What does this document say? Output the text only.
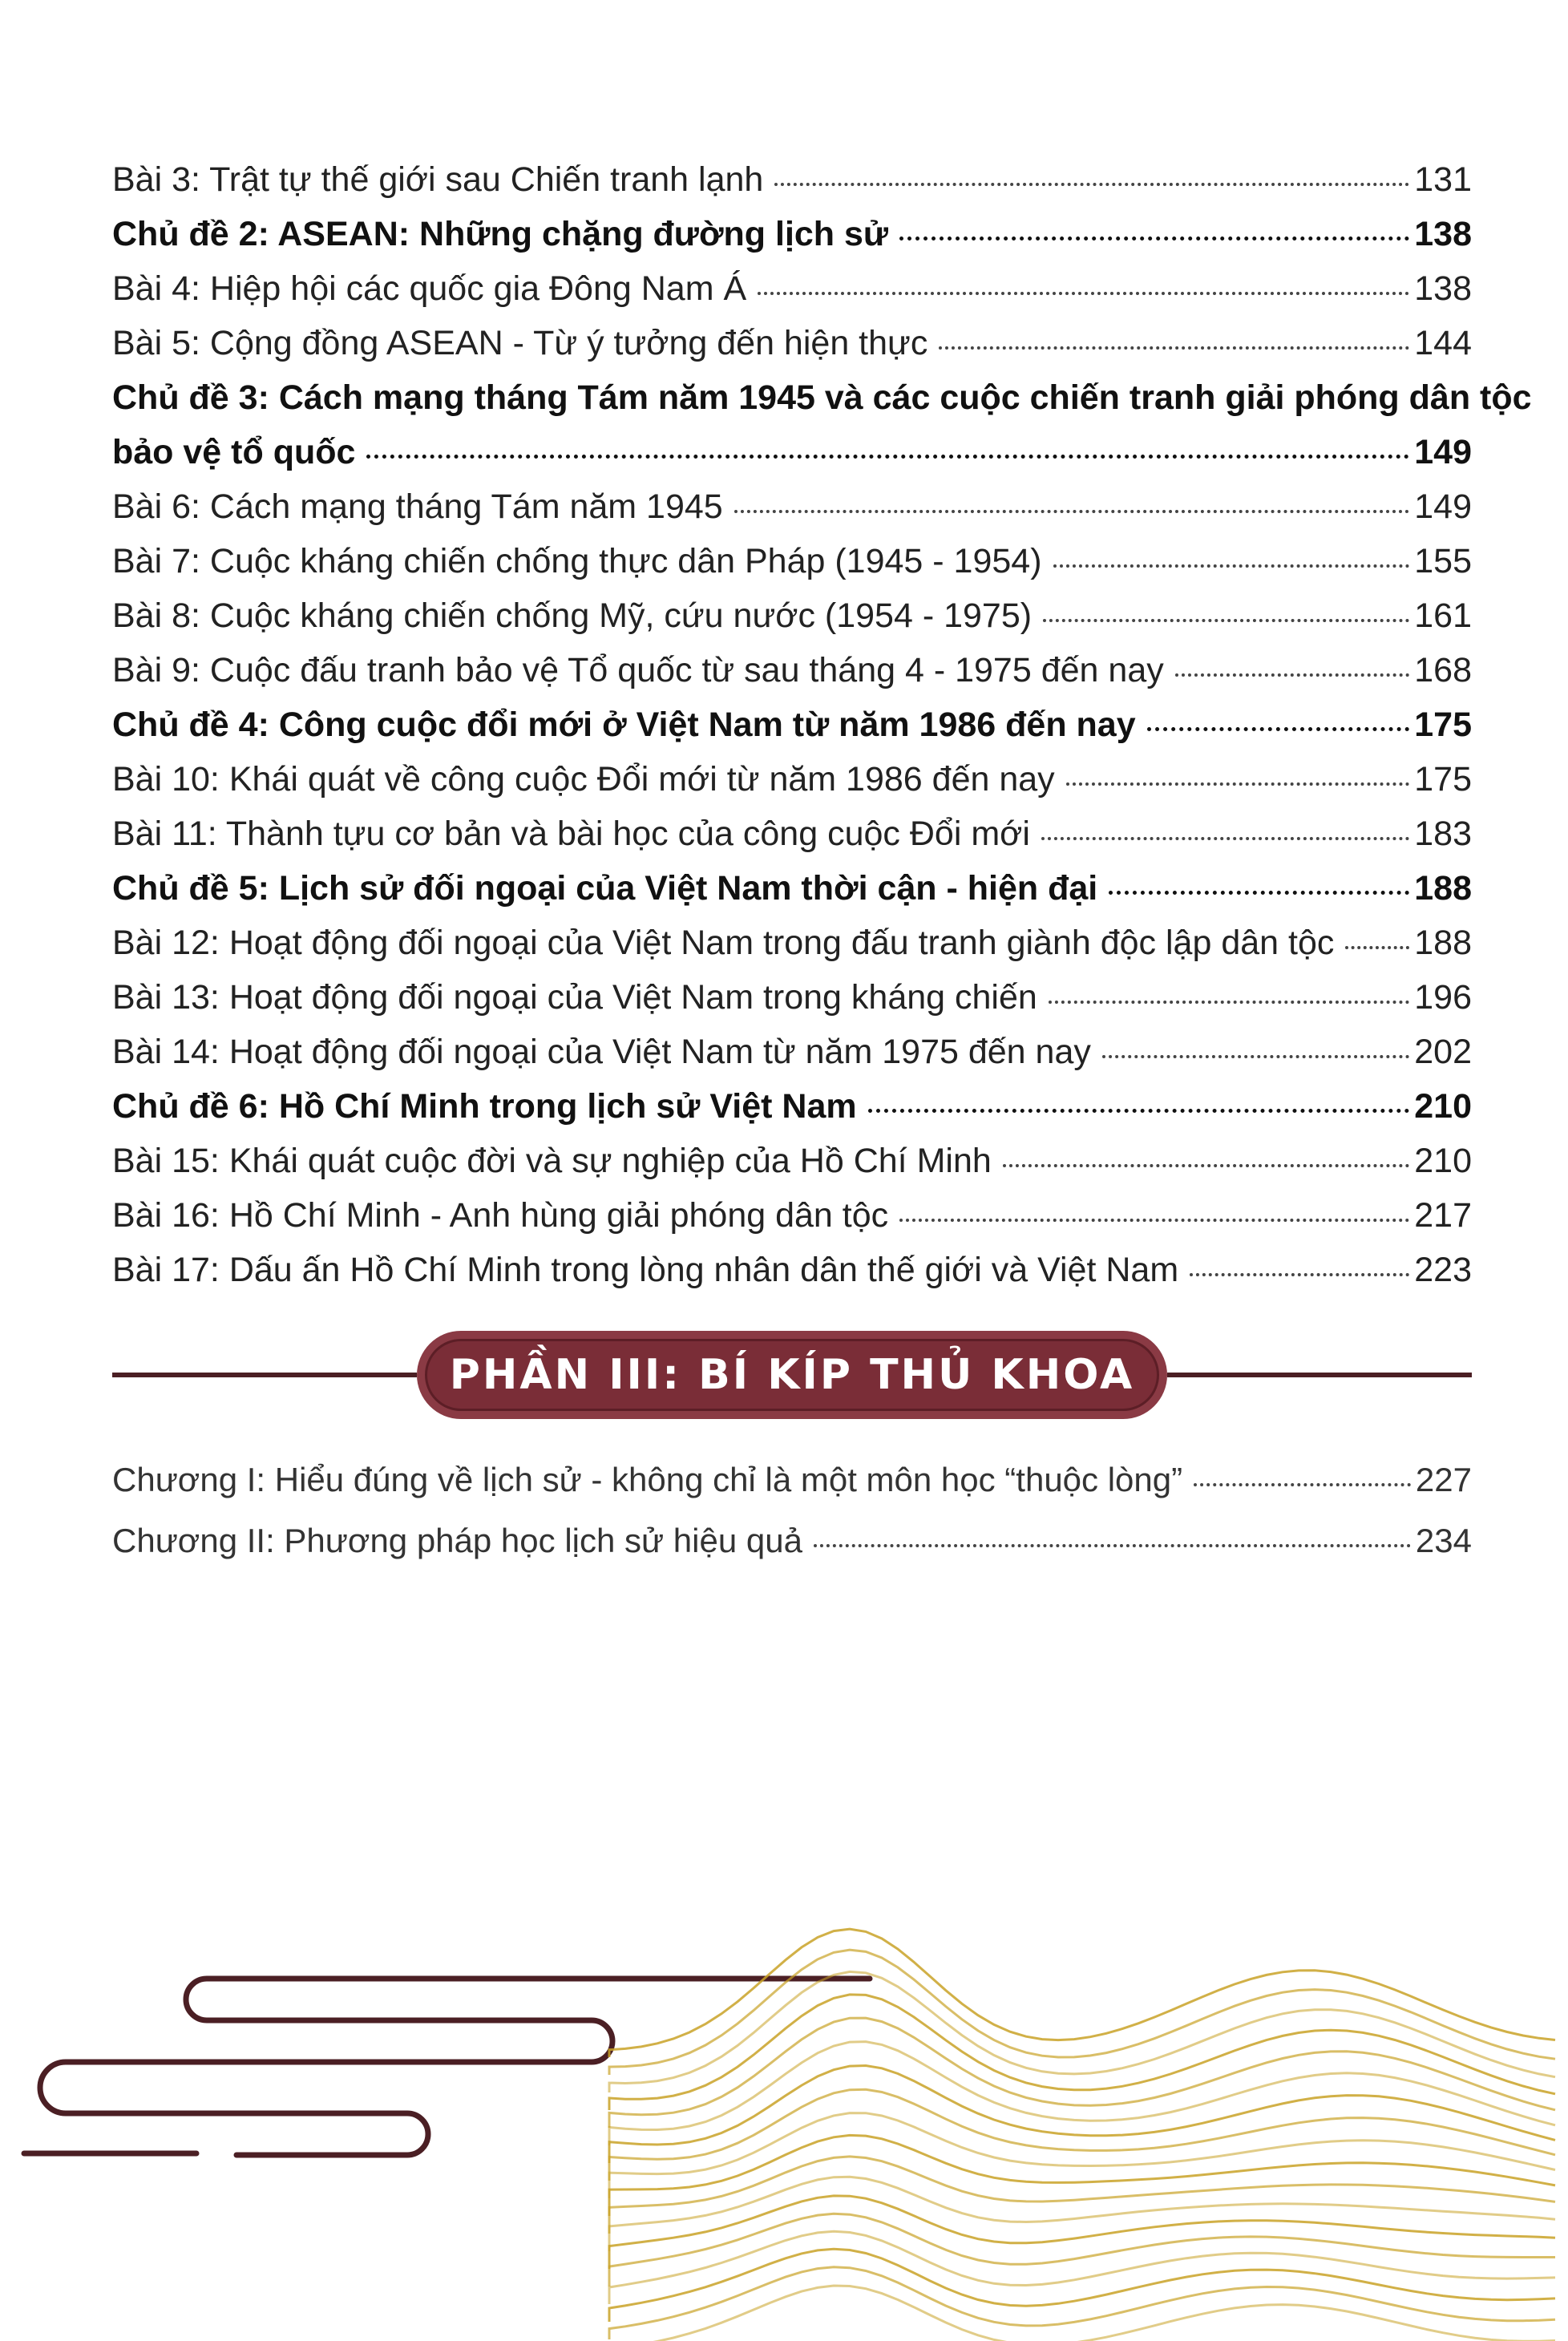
Bài 3: Trật tự thế giới sau Chiến tranh lạnh	131
Chủ đề 2: ASEAN: Những chặng đường lịch sử	138
Bài 4: Hiệp hội các quốc gia Đông Nam Á	138
Bài 5: Cộng đồng ASEAN - Từ ý tưởng đến hiện thực	144
Chủ đề 3: Cách mạng tháng Tám năm 1945 và các cuộc chiến tranh giải phóng dân tộc
bảo vệ tổ quốc	149
Bài 6: Cách mạng tháng Tám năm 1945	149
Bài 7: Cuộc kháng chiến chống thực dân Pháp (1945 - 1954)	155
Bài 8: Cuộc kháng chiến chống Mỹ, cứu nước (1954 - 1975)	161
Bài 9: Cuộc đấu tranh bảo vệ Tổ quốc từ sau tháng 4 - 1975 đến nay	168
Chủ đề 4: Công cuộc đổi mới ở Việt Nam từ năm 1986 đến nay	175
Bài 10: Khái quát về công cuộc Đổi mới từ năm 1986 đến nay	175
Bài 11: Thành tựu cơ bản và bài học của công cuộc Đổi mới	183
Chủ đề 5: Lịch sử đối ngoại của Việt Nam thời cận - hiện đại	188
Bài 12: Hoạt động đối ngoại của Việt Nam trong đấu tranh giành độc lập dân tộc 188
Bài 13: Hoạt động đối ngoại của Việt Nam trong kháng chiến	196
Bài 14: Hoạt động đối ngoại của Việt Nam từ năm 1975 đến nay	202
Chủ đề 6: Hồ Chí Minh trong lịch sử Việt Nam	210
Bài 15: Khái quát cuộc đời và sự nghiệp của Hồ Chí Minh	210
Bài 16: Hồ Chí Minh - Anh hùng giải phóng dân tộc	217
Bài 17: Dấu ấn Hồ Chí Minh trong lòng nhân dân thế giới và Việt Nam	223
PHẦN III: BÍ KÍP THỦ KHOA
Chương I: Hiểu đúng về lịch sử - không chỉ là một môn học “thuộc lòng”	227
Chương II: Phương pháp học lịch sử hiệu quả	234
